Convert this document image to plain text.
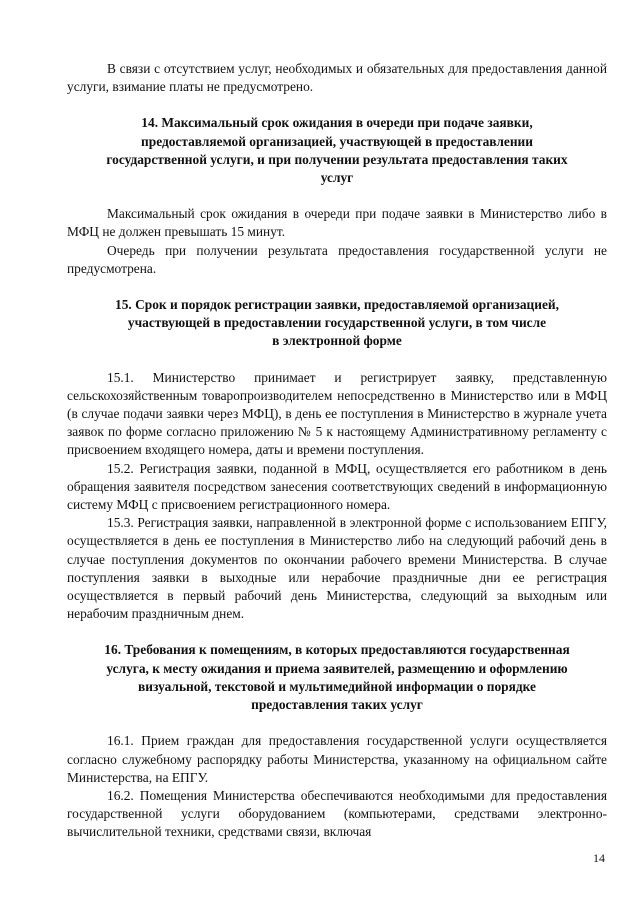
В связи с отсутствием услуг, необходимых и обязательных для предоставления данной услуги, взимание платы не предусмотрено.

14. Максимальный срок ожидания в очереди при подаче заявки,
предоставляемой организацией, участвующей в предоставлении
государственной услуги, и при получении результата предоставления таких
услуг

Максимальный срок ожидания в очереди при подаче заявки в Министерство либо в МФЦ не должен превышать 15 минут.

Очередь при получении результата предоставления государственной услуги не предусмотрена.

15. Срок и порядок регистрации заявки, предоставляемой организацией,
участвующей в предоставлении государственной услуги, в том числе
в электронной форме

15.1. Министерство принимает и регистрирует заявку, представленную сельскохозяйственным товаропроизводителем непосредственно в Министерство или в МФЦ (в случае подачи заявки через МФЦ), в день ее поступления в Министерство в журнале учета заявок по форме согласно приложению № 5 к настоящему Административному регламенту с присвоением входящего номера, даты и времени поступления.

15.2. Регистрация заявки, поданной в МФЦ, осуществляется его работником в день обращения заявителя посредством занесения соответствующих сведений в информационную систему МФЦ с присвоением регистрационного номера.

15.3. Регистрация заявки, направленной в электронной форме с использованием ЕПГУ, осуществляется в день ее поступления в Министерство либо на следующий рабочий день в случае поступления документов по окончании рабочего времени Министерства. В случае поступления заявки в выходные или нерабочие праздничные дни ее регистрация осуществляется в первый рабочий день Министерства, следующий за выходным или нерабочим праздничным днем.

16. Требования к помещениям, в которых предоставляются государственная
услуга, к месту ожидания и приема заявителей, размещению и оформлению
визуальной, текстовой и мультимедийной информации о порядке
предоставления таких услуг

16.1. Прием граждан для предоставления государственной услуги осуществляется согласно служебному распорядку работы Министерства, указанному на официальном сайте Министерства, на ЕПГУ.

16.2. Помещения Министерства обеспечиваются необходимыми для предоставления государственной услуги оборудованием (компьютерами, средствами электронно-вычислительной техники, средствами связи, включая

14
